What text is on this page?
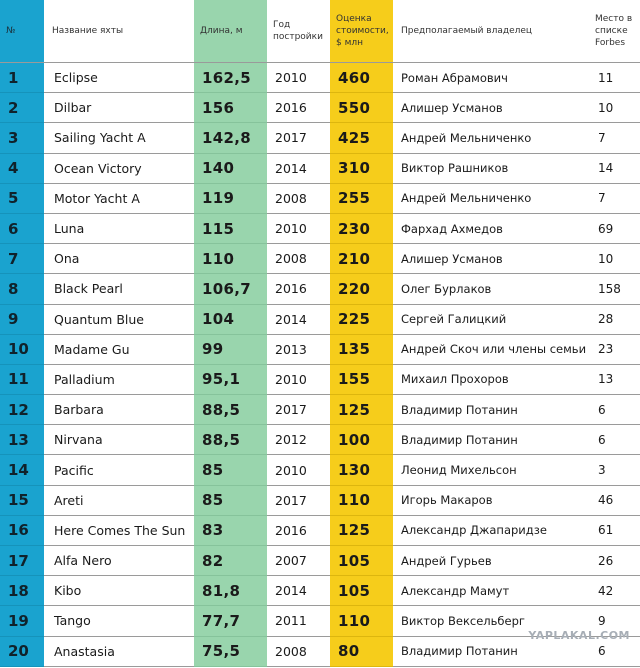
№	Название яхты	Длина, м	Год постройки	Оценка стоимости, $ млн	Предполагаемый владелец	Место в списке Forbes
1	Eclipse	162,5	2010	460	Роман Абрамович	11
2	Dilbar	156	2016	550	Алишер Усманов	10
3	Sailing Yacht A	142,8	2017	425	Андрей Мельниченко	7
4	Ocean Victory	140	2014	310	Виктор Рашников	14
5	Motor Yacht A	119	2008	255	Андрей Мельниченко	7
6	Luna	115	2010	230	Фархад Ахмедов	69
7	Ona	110	2008	210	Алишер Усманов	10
8	Black Pearl	106,7	2016	220	Олег Бурлаков	158
9	Quantum Blue	104	2014	225	Сергей Галицкий	28
10	Madame Gu	99	2013	135	Андрей Скоч или члены семьи	23
11	Palladium	95,1	2010	155	Михаил Прохоров	13
12	Barbara	88,5	2017	125	Владимир Потанин	6
13	Nirvana	88,5	2012	100	Владимир Потанин	6
14	Pacific	85	2010	130	Леонид Михельсон	3
15	Areti	85	2017	110	Игорь Макаров	46
16	Here Comes The Sun	83	2016	125	Александр Джапаридзе	61
17	Alfa Nero	82	2007	105	Андрей Гурьев	26
18	Kibo	81,8	2014	105	Александр Мамут	42
19	Tango	77,7	2011	110	Виктор Вексельберг	9
20	Anastasia	75,5	2008	80	Владимир Потанин	6
YAPLAKAL.COM
